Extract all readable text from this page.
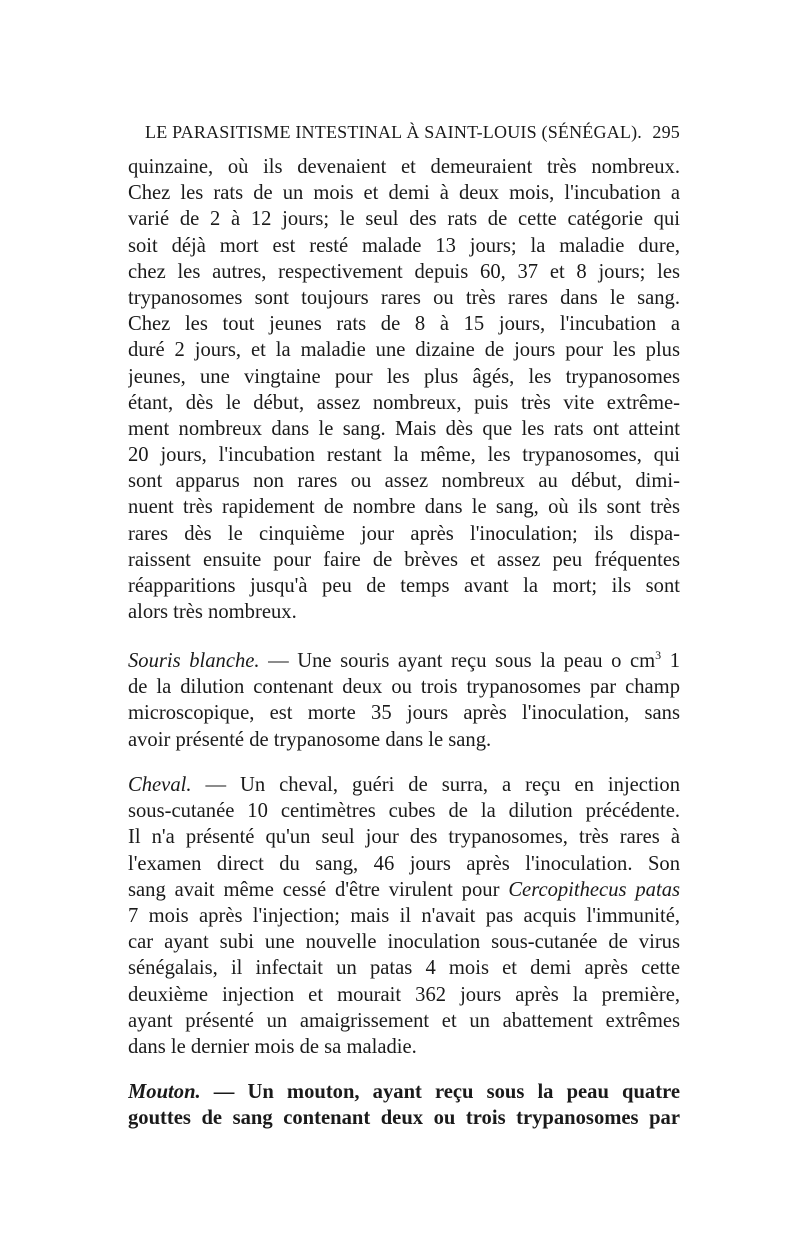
LE PARASITISME INTESTINAL À SAINT-LOUIS (SÉNÉGAL). 295
quinzaine, où ils devenaient et demeuraient très nombreux.
Chez les rats de un mois et demi à deux mois, l'incubation a
varié de 2 à 12 jours; le seul des rats de cette catégorie qui
soit déjà mort est resté malade 13 jours; la maladie dure,
chez les autres, respectivement depuis 60, 37 et 8 jours; les
trypanosomes sont toujours rares ou très rares dans le sang.
Chez les tout jeunes rats de 8 à 15 jours, l'incubation a
duré 2 jours, et la maladie une dizaine de jours pour les plus
jeunes, une vingtaine pour les plus âgés, les trypanosomes
étant, dès le début, assez nombreux, puis très vite extrême-
ment nombreux dans le sang. Mais dès que les rats ont atteint
20 jours, l'incubation restant la même, les trypanosomes, qui
sont apparus non rares ou assez nombreux au début, dimi-
nuent très rapidement de nombre dans le sang, où ils sont très
rares dès le cinquième jour après l'inoculation; ils dispa-
raissent ensuite pour faire de brèves et assez peu fréquentes
réapparitions jusqu'à peu de temps avant la mort; ils sont
alors très nombreux.
Souris blanche. — Une souris ayant reçu sous la peau o $cm^3$ 1
de la dilution contenant deux ou trois trypanosomes par champ
microscopique, est morte 35 jours après l'inoculation, sans
avoir présenté de trypanosome dans le sang.
Cheval. — Un cheval, guéri de surra, a reçu en injection
sous-cutanée 10 centimètres cubes de la dilution précédente.
Il n'a présenté qu'un seul jour des trypanosomes, très rares à
l'examen direct du sang, 46 jours après l'inoculation. Son
sang avait même cessé d'être virulent pour Cercopithecus patas
7 mois après l'injection; mais il n'avait pas acquis l'immunité,
car ayant subi une nouvelle inoculation sous-cutanée de virus
sénégalais, il infectait un patas 4 mois et demi après cette
deuxième injection et mourait 362 jours après la première,
ayant présenté un amaigrissement et un abattement extrêmes
dans le dernier mois de sa maladie.
Mouton. — Un mouton, ayant reçu sous la peau quatre
gouttes de sang contenant deux ou trois trypanosomes par
